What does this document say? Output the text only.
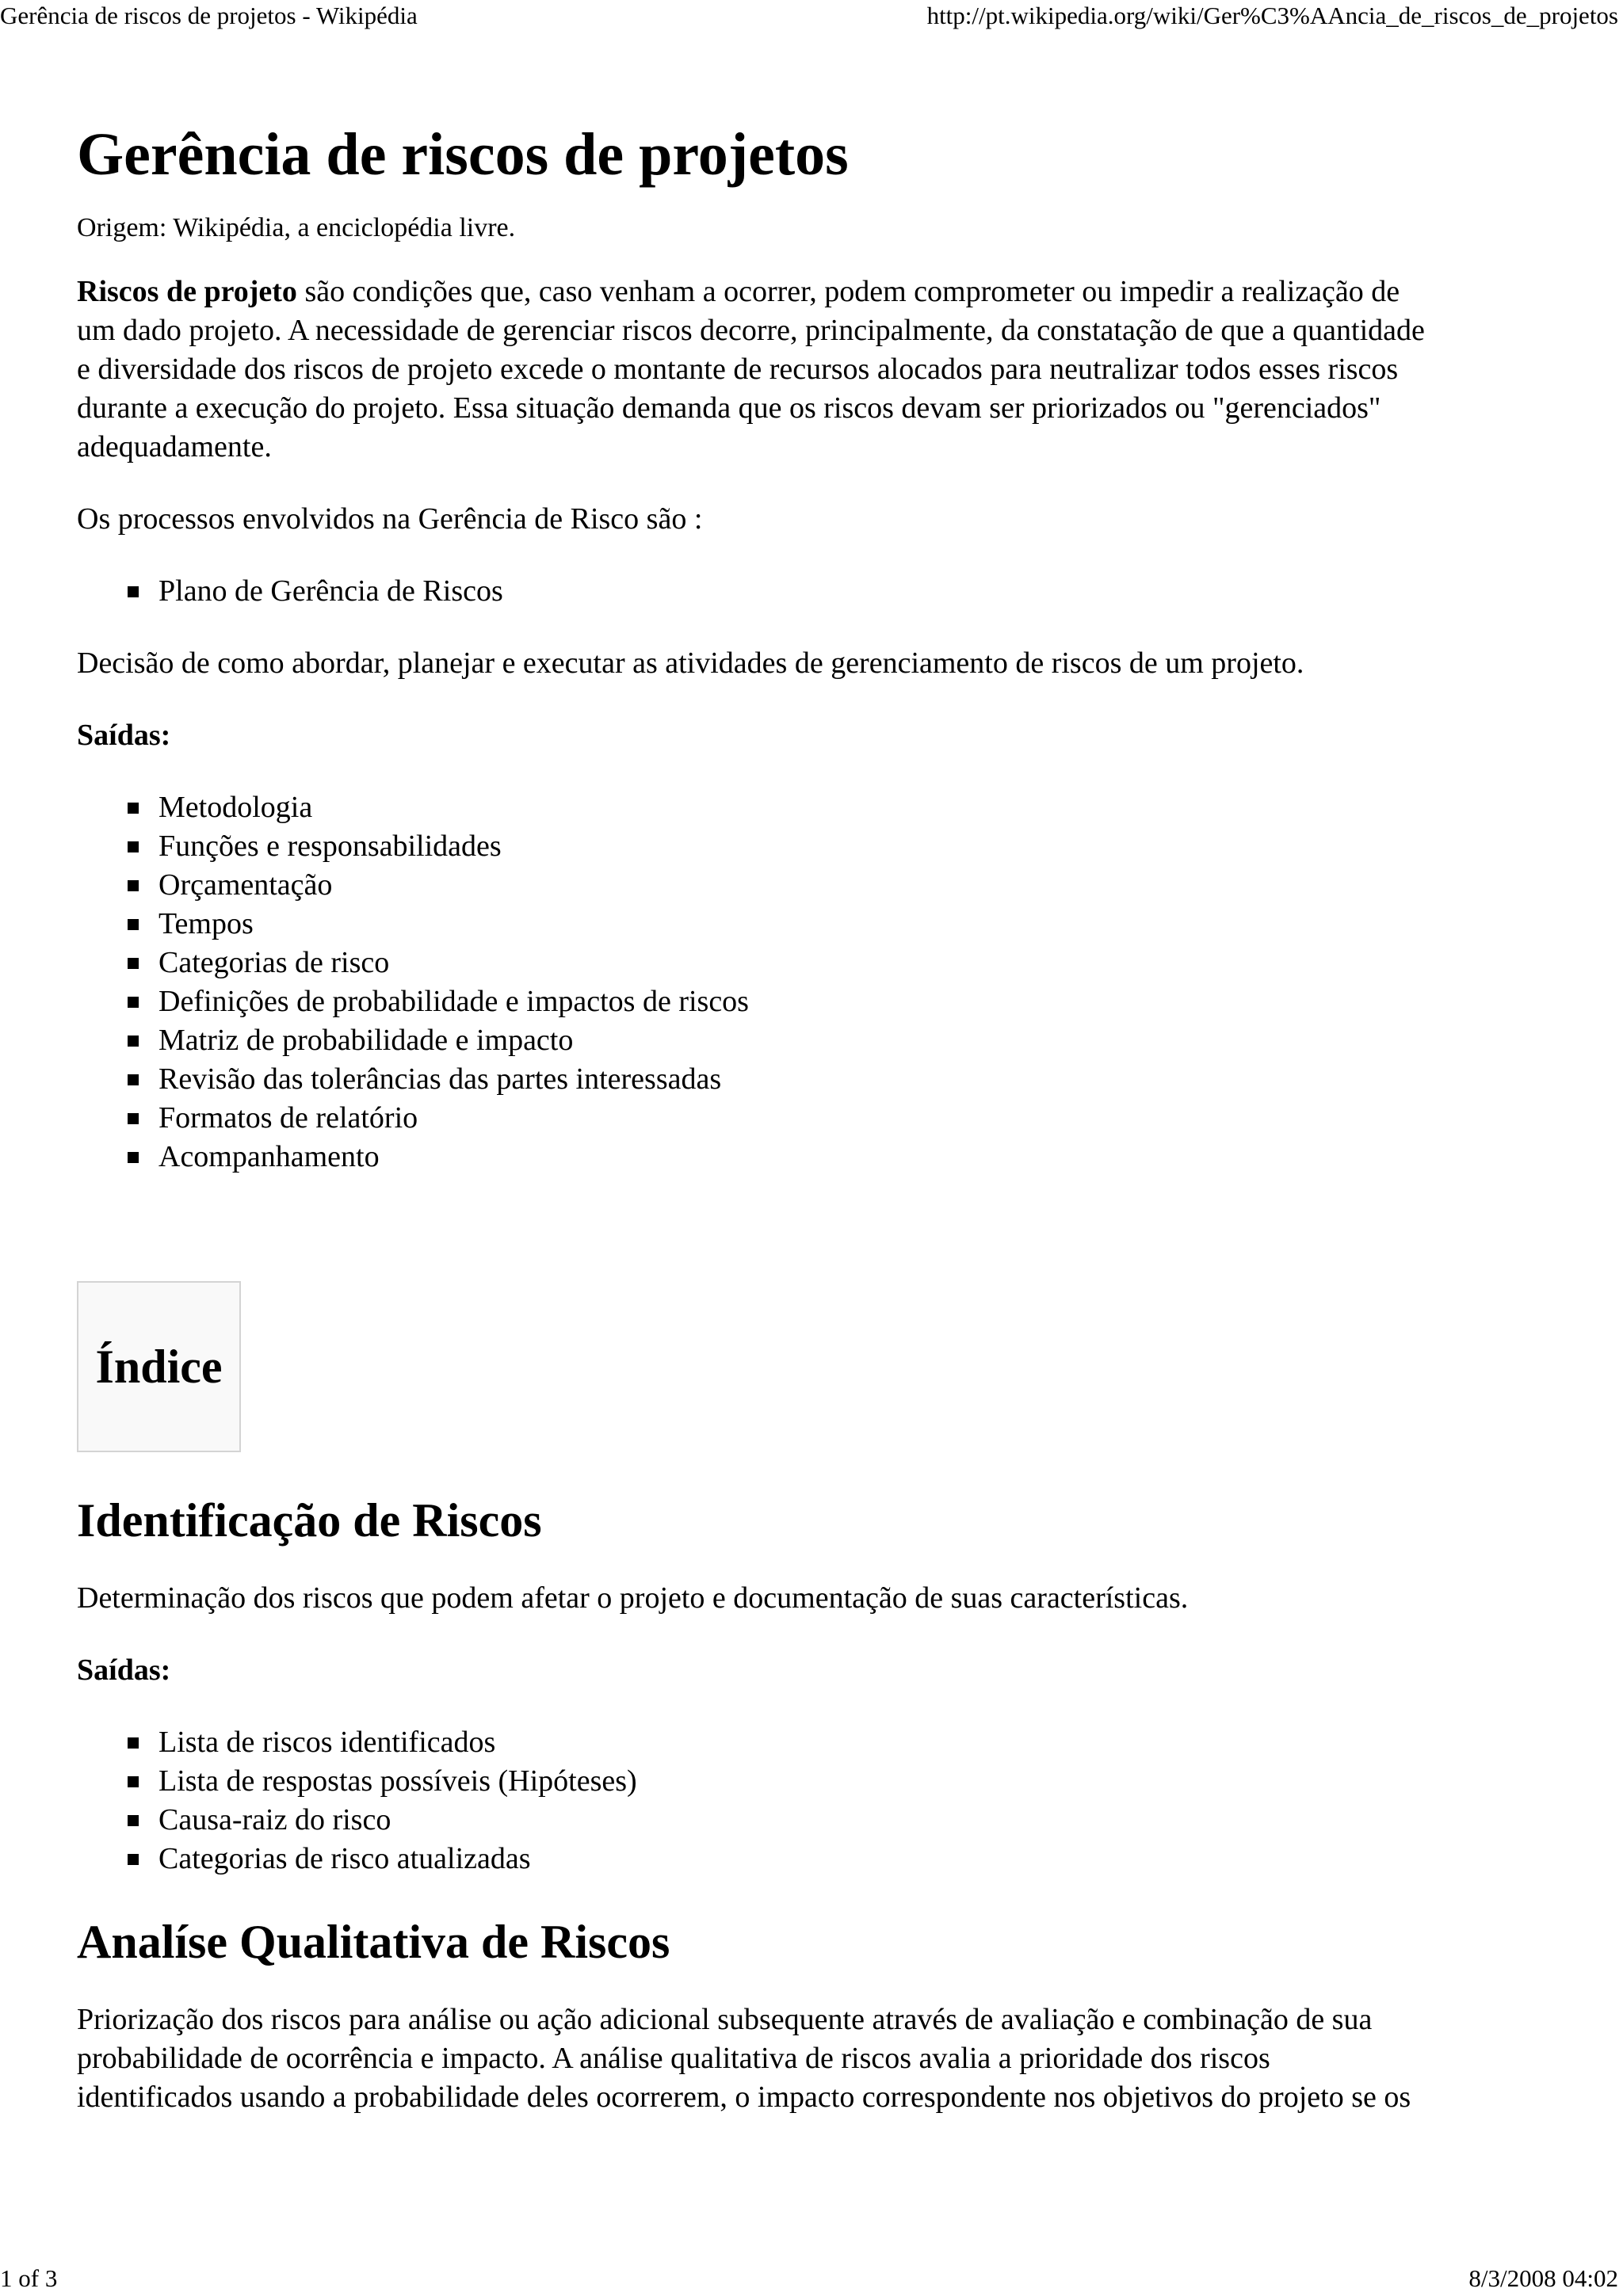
Gerência de riscos de projetos - Wikipédia	http://pt.wikipedia.org/wiki/Ger%C3%AAncia_de_riscos_de_projetos
Gerência de riscos de projetos
Origem: Wikipédia, a enciclopédia livre.

Riscos de projeto são condições que, caso venham a ocorrer, podem comprometer ou impedir a realização de

um dado projeto. A necessidade de gerenciar riscos decorre, principalmente, da constatação de que a quantidade

e diversidade dos riscos de projeto excede o montante de recursos alocados para neutralizar todos esses riscos

durante a execução do projeto. Essa situação demanda que os riscos devam ser priorizados ou "gerenciados"

adequadamente.

Os processos envolvidos na Gerência de Risco são :

Plano de Gerência de Riscos

Decisão de como abordar, planejar e executar as atividades de gerenciamento de riscos de um projeto.

Saídas:

Metodologia
Funções e responsabilidades
Orçamentação
Tempos
Categorias de risco
Definições de probabilidade e impactos de riscos
Matriz de probabilidade e impacto
Revisão das tolerâncias das partes interessadas
Formatos de relatório
Acompanhamento
Índice
Identificação de Riscos

Determinação dos riscos que podem afetar o projeto e documentação de suas características.

Saídas:

Lista de riscos identificados
Lista de respostas possíveis (Hipóteses)
Causa-raiz do risco
Categorias de risco atualizadas
Analíse Qualitativa de Riscos

Priorização dos riscos para análise ou ação adicional subsequente através de avaliação e combinação de sua

probabilidade de ocorrência e impacto. A análise qualitativa de riscos avalia a prioridade dos riscos

identificados usando a probabilidade deles ocorrerem, o impacto correspondente nos objetivos do projeto se os

1 of 3	8/3/2008 04:02
